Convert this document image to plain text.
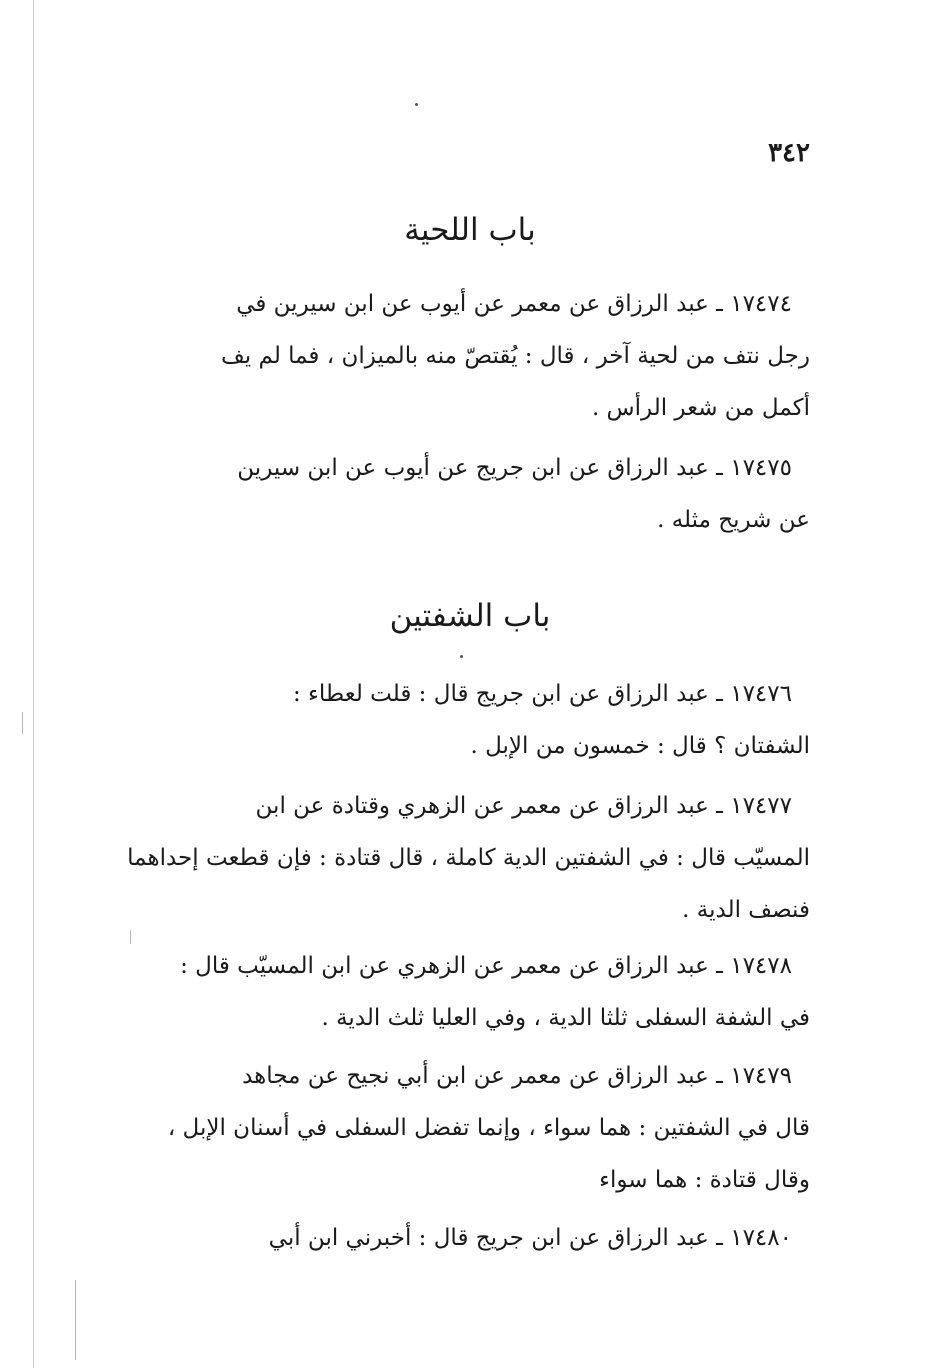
٣٤٢
باب اللحية
١٧٤٧٤ ـ عبد الرزاق عن معمر عن أيوب عن ابن سيرين في
رجل نتف من لحية آخر ، قال : يُقتصّ منه بالميزان ، فما لم يف
أكمل من شعر الرأس .
١٧٤٧٥ ـ عبد الرزاق عن ابن جريج عن أيوب عن ابن سيرين
عن شريح مثله .
باب الشفتين
١٧٤٧٦ ـ عبد الرزاق عن ابن جريج قال : قلت لعطاء :
الشفتان ؟ قال : خمسون من الإبل .
١٧٤٧٧ ـ عبد الرزاق عن معمر عن الزهري وقتادة عن ابن
المسيّب قال : في الشفتين الدية كاملة ، قال قتادة : فإن قطعت إحداهما
فنصف الدية .
١٧٤٧٨ ـ عبد الرزاق عن معمر عن الزهري عن ابن المسيّب قال :
في الشفة السفلى ثلثا الدية ، وفي العليا ثلث الدية .
١٧٤٧٩ ـ عبد الرزاق عن معمر عن ابن أبي نجيح عن مجاهد
قال في الشفتين : هما سواء ، وإنما تفضل السفلى في أسنان الإبل ،
وقال قتادة : هما سواء
١٧٤٨٠ ـ عبد الرزاق عن ابن جريج قال : أخبرني ابن أبي
